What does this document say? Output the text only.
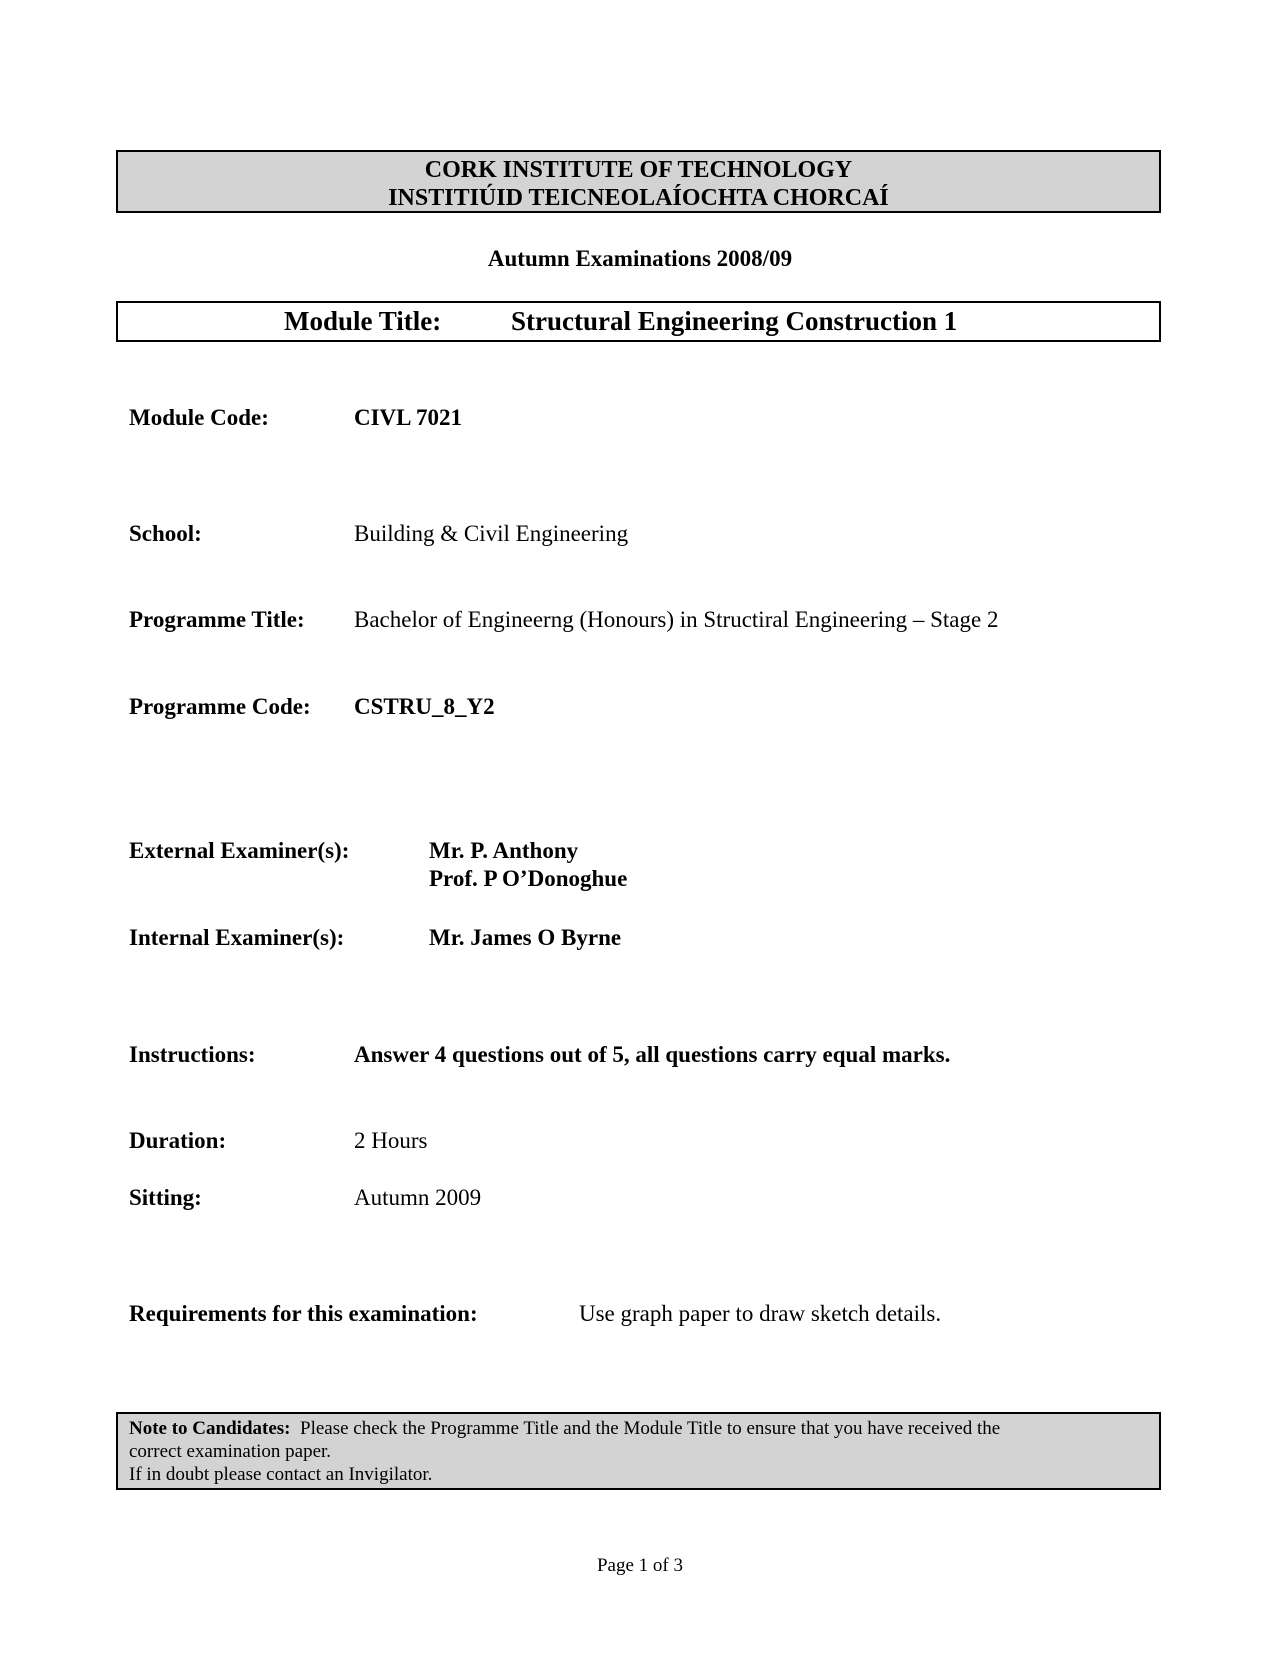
CORK INSTITUTE OF TECHNOLOGY
INSTITIÚID TEICNEOLAÍOCHTA CHORCAÍ
Autumn Examinations 2008/09
Module Title:	Structural Engineering Construction 1
Module Code:	CIVL 7021
School:	Building & Civil Engineering
Programme Title: Bachelor of Engineerng (Honours) in Structiral Engineering – Stage 2
Programme Code: CSTRU_8_Y2
External Examiner(s):	Mr. P. Anthony
Prof. P O’Donoghue
Internal Examiner(s):	Mr. James O Byrne
Instructions:	Answer 4 questions out of 5, all questions carry equal marks.
Duration:	2 Hours
Sitting:	Autumn 2009
Requirements for this examination:	Use graph paper to draw sketch details.
Note to Candidates: Please check the Programme Title and the Module Title to ensure that you have received the
correct examination paper.
If in doubt please contact an Invigilator.
Page 1 of 3
